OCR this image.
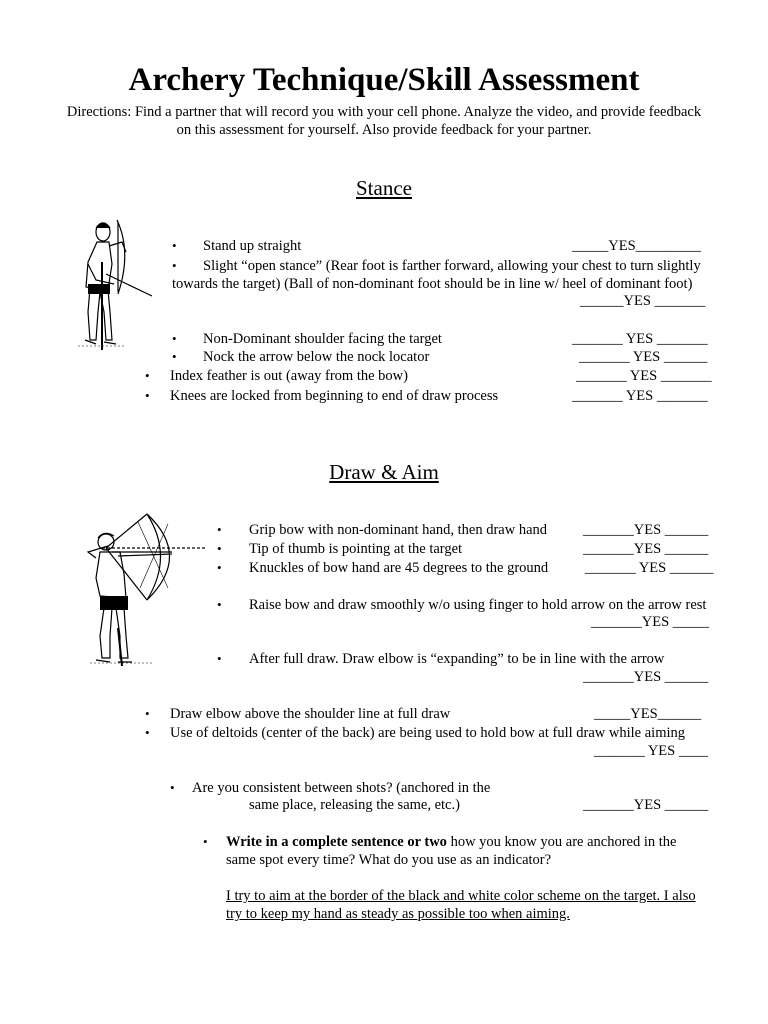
Archery Technique/Skill Assessment
Directions: Find a partner that will record you with your cell phone. Analyze the video, and provide feedback
on this assessment for yourself. Also provide feedback for your partner.
Stance
• Stand up straight	_____YES_________
• Slight “open stance” (Rear foot is farther forward, allowing your chest to turn slightly
towards the target) (Ball of non-dominant foot should be in line w/ heel of dominant foot)
______YES _______
• Non-Dominant shoulder facing the target	_______ YES _______
• Nock the arrow below the nock locator	_______ YES ______
• Index feather is out (away from the bow)	_______ YES _______
• Knees are locked from beginning to end of draw process	_______ YES _______
Draw & Aim
• Grip bow with non-dominant hand, then draw hand _______YES ______
• Tip of thumb is pointing at the target	_______YES ______
• Knuckles of bow hand are 45 degrees to the ground	_______ YES ______
• Raise bow and draw smoothly w/o using finger to hold arrow on the arrow rest
_______YES _____
• After full draw. Draw elbow is “expanding” to be in line with the arrow
_______YES ______
• Draw elbow above the shoulder line at full draw	_____YES______
• Use of deltoids (center of the back) are being used to hold bow at full draw while aiming
_______ YES ____
• Are you consistent between shots? (anchored in the
same place, releasing the same, etc.)	_______YES ______
• Write in a complete sentence or two how you know you are anchored in the
same spot every time? What do you use as an indicator?
I try to aim at the border of the black and white color scheme on the target. I also
try to keep my hand as steady as possible too when aiming.
